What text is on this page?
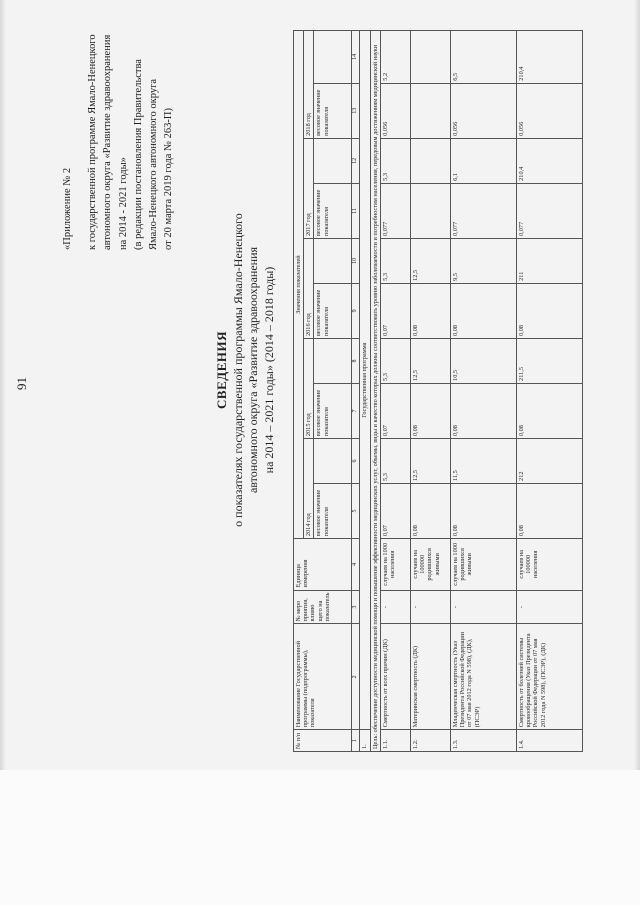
91
«Приложение № 2 к государственной программе Ямало-Ненецкого автономного округа «Развитие здравоохранения на 2014 - 2021 годы» (в редакции постановления Правительства Ямало-Ненецкого автономного округа от 20 марта 2019 года № 263-П)
СВЕДЕНИЯ о показателях государственной программы Ямало-Ненецкого автономного округа «Развитие здравоохранения на 2014 – 2021 годы» (2014 – 2018 годы)
№ п/п	Наименование Государственной программы (подпрограммы), показателя	№ меро приятия, влияю щего на показатель	Единица измерения	Значения показателей									
				2014 год		2015 год		2016 год		2017 год		2018 год	
				весовое значение показателя		весовое значение показателя		весовое значение показателя		весовое значение показателя		весовое значение показателя	
1	2	3	4	5	6	7	8	9	10	11	12	13	14
1.	Государственная программа												
Цель: обеспечение доступности медицинской помощи и повышение эффективности медицинских услуг, объемы, виды и качество которых должны соответствовать уровню заболеваемости и потребностям населения, передовым достижениям медицинской науки													
1.1.	Смертность от всех причин (ДК)	-	случаев на 1000 населения	0,07	5,3	0,07	5,3	0,07	5,3	0,077	5,3	0,056	5,2
1.2.	Материнская смертность (ДК)	-	случаев на 100000 родившихся живыми	0,08	12,5	0,08	12,5	0,08	12,5				
1.3.	Младенческая смертность (Указ Президента Российской Федерации от 07 мая 2012 года N 598), (ДК), (ПСЭР)	-	случаев на 1000 родившихся живыми	0,08	11,5	0,08	10,5	0,08	9,5	0,077	6,1	0,056	6,5
1.4.	Смертность от болезней системы кровообращения (Указ Президента Российской Федерации от 07 мая 2012 года N 598), (ПСЭР), (ДК)	-	случаев на 100000 населения	0,08	212	0,08	211,5	0,08	211	0,077	210,4	0,056	210,4
